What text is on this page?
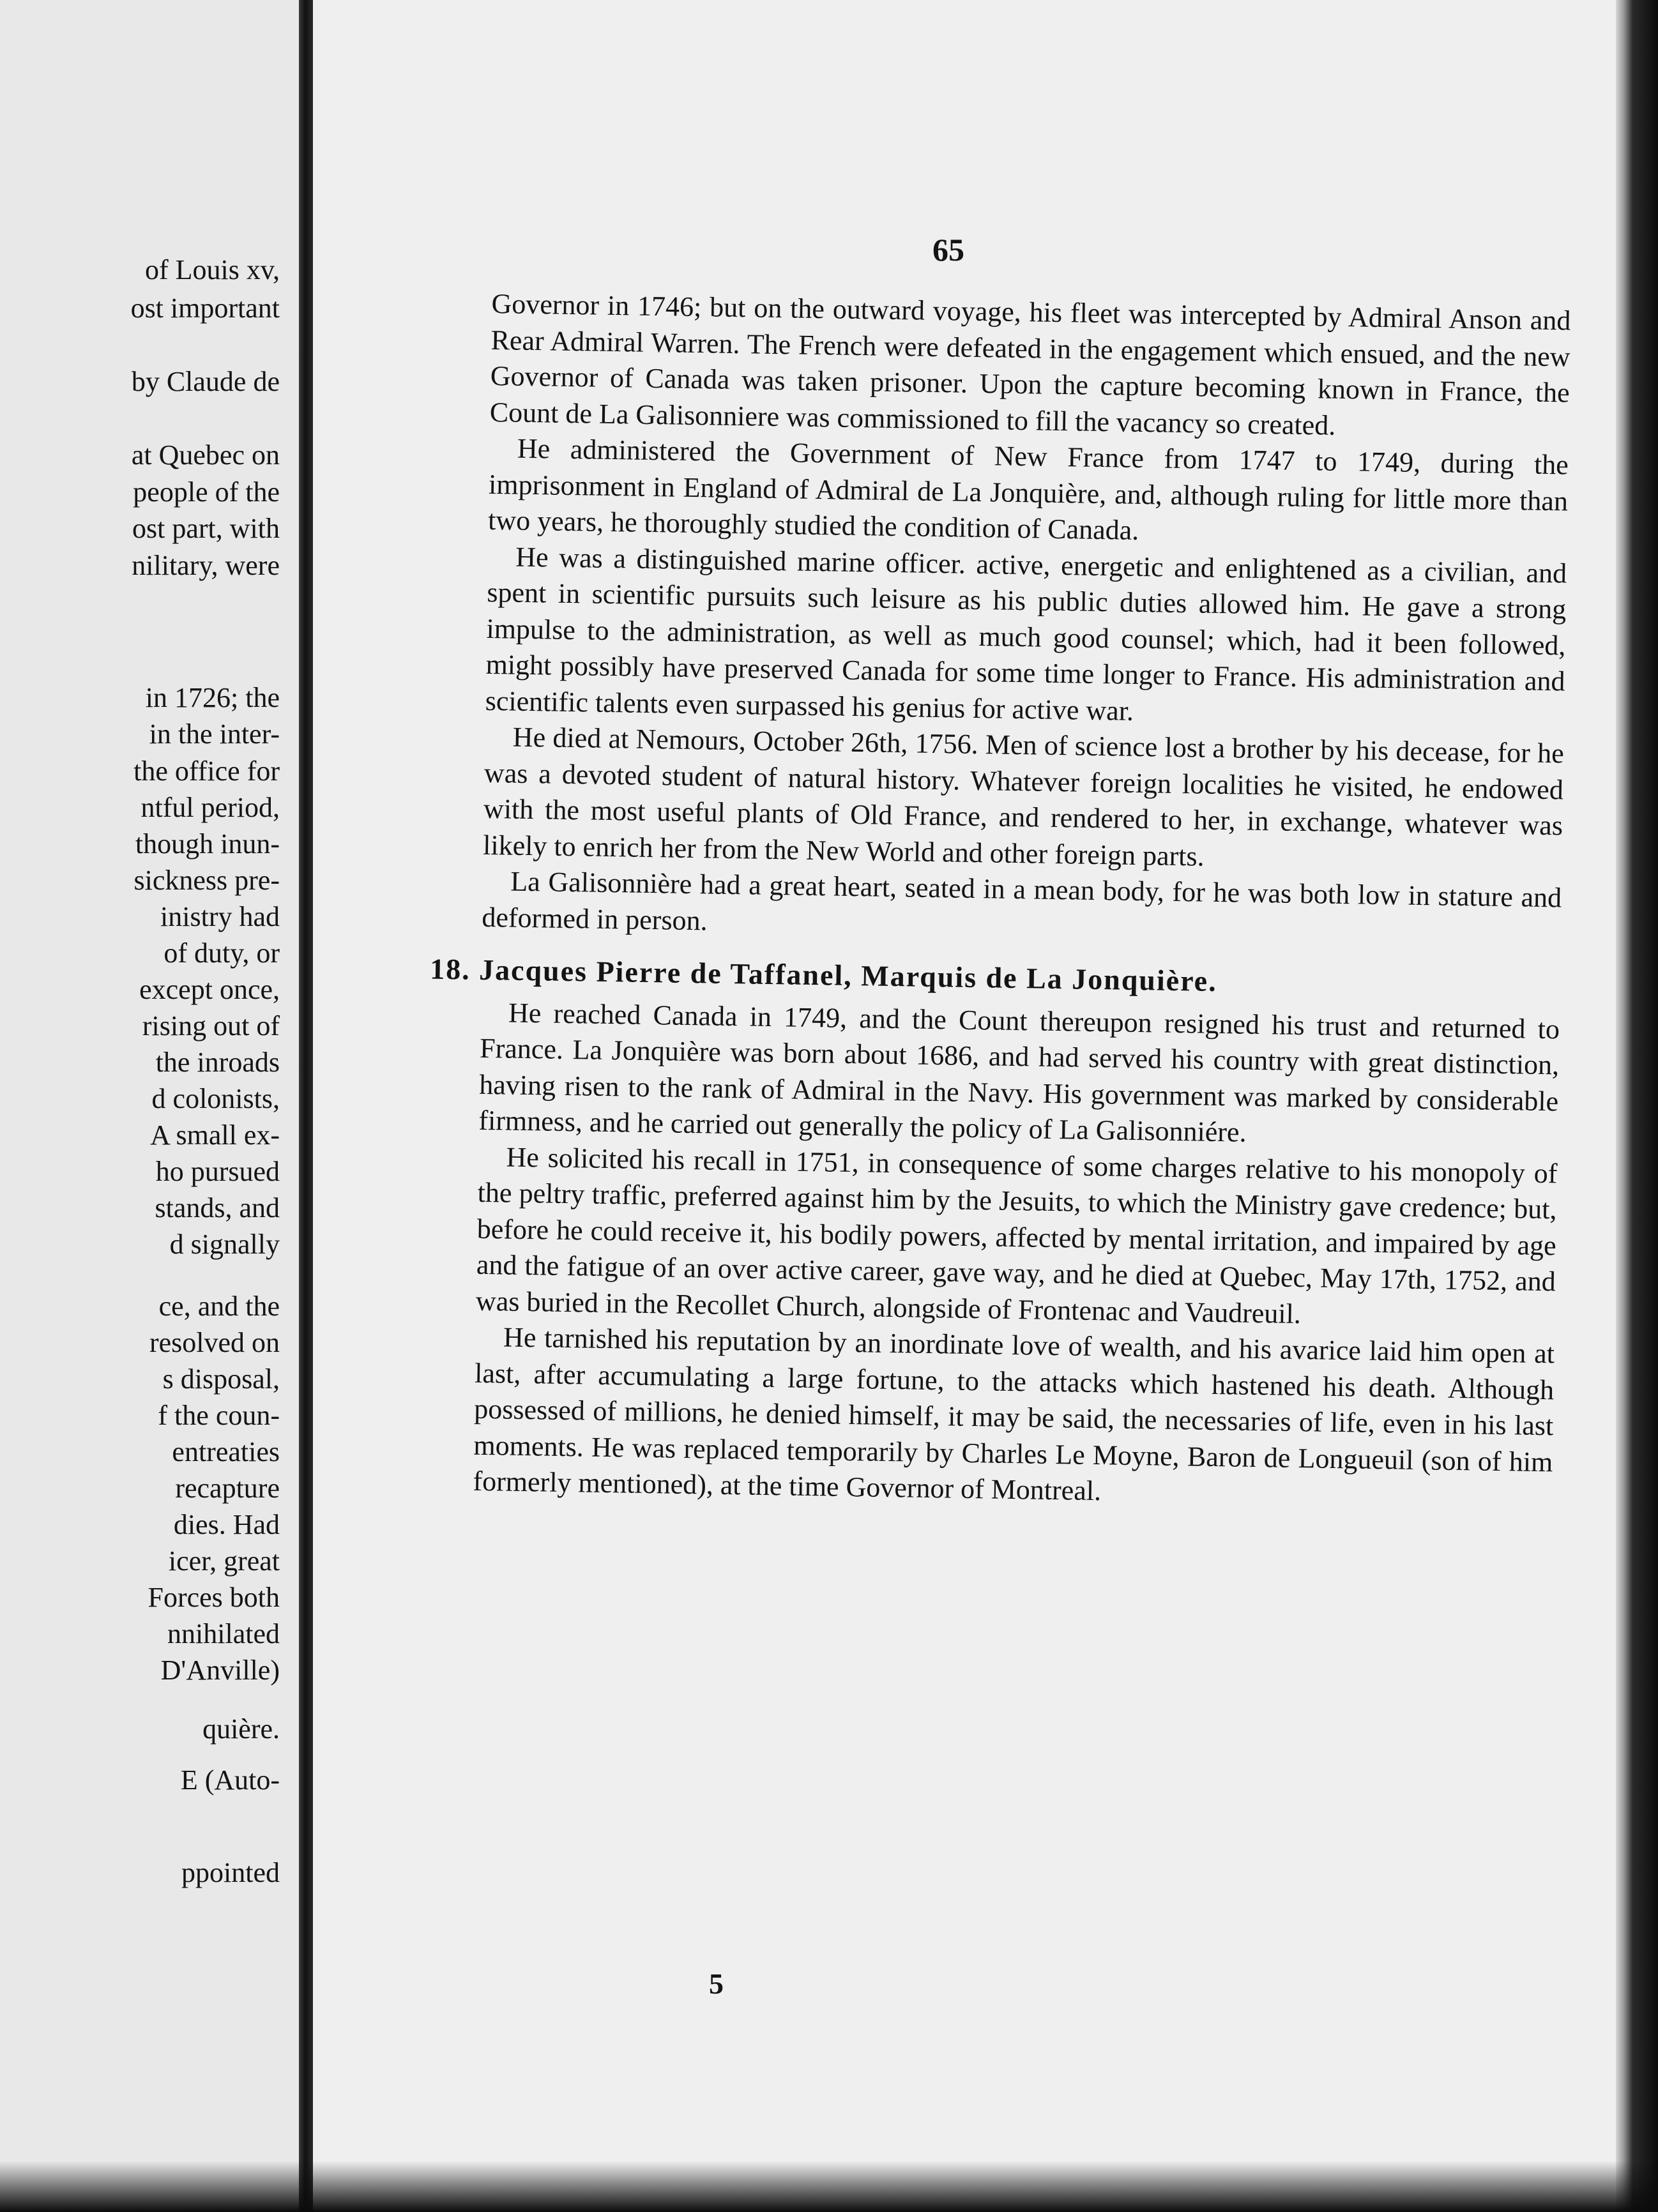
of Louis xv,

ost important

by Claude de

at Quebec on

people of the

ost part, with

nilitary, were

in 1726; the

in the inter-

the office for

ntful period,

though inun-

sickness pre-

inistry had

of duty, or

except once,

rising out of

the inroads

d colonists,

A small ex-

ho pursued

stands, and

d signally

ce, and the

resolved on

s disposal,

f the coun-

entreaties

recapture

dies. Had

icer, great

Forces both

nnihilated

D'Anville)

quière.

E (Auto-

ppointed

65

Governor in 1746; but on the outward voyage, his fleet was intercepted by Admiral Anson and Rear Admiral Warren. The French were defeated in the engagement which ensued, and the new Governor of Canada was taken prisoner. Upon the capture becoming known in France, the Count de La Galisonniere was commissioned to fill the vacancy so created.

He administered the Government of New France from 1747 to 1749, during the imprisonment in England of Admiral de La Jonquière, and, although ruling for little more than two years, he thoroughly studied the condition of Canada.

He was a distinguished marine officer. active, energetic and enlightened as a civilian, and spent in scientific pursuits such leisure as his public duties allowed him. He gave a strong impulse to the administration, as well as much good counsel; which, had it been followed, might possibly have preserved Canada for some time longer to France. His administration and scientific talents even surpassed his genius for active war.

He died at Nemours, October 26th, 1756. Men of science lost a brother by his decease, for he was a devoted student of natural history. Whatever foreign localities he visited, he endowed with the most useful plants of Old France, and rendered to her, in exchange, whatever was likely to enrich her from the New World and other foreign parts.

La Galisonnière had a great heart, seated in a mean body, for he was both low in stature and deformed in person.

18. Jacques Pierre de Taffanel, Marquis de La Jonquière.

He reached Canada in 1749, and the Count thereupon resigned his trust and returned to France. La Jonquière was born about 1686, and had served his country with great distinction, having risen to the rank of Admiral in the Navy. His government was marked by considerable firmness, and he carried out generally the policy of La Galisonniére.

He solicited his recall in 1751, in consequence of some charges relative to his monopoly of the peltry traffic, preferred against him by the Jesuits, to which the Ministry gave credence; but, before he could receive it, his bodily powers, affected by mental irritation, and impaired by age and the fatigue of an over active career, gave way, and he died at Quebec, May 17th, 1752, and was buried in the Recollet Church, alongside of Frontenac and Vaudreuil.

He tarnished his reputation by an inordinate love of wealth, and his avarice laid him open at last, after accumulating a large fortune, to the attacks which hastened his death. Although possessed of millions, he denied himself, it may be said, the necessaries of life, even in his last moments. He was replaced temporarily by Charles Le Moyne, Baron de Longueuil (son of him formerly mentioned), at the time Governor of Montreal.

5
